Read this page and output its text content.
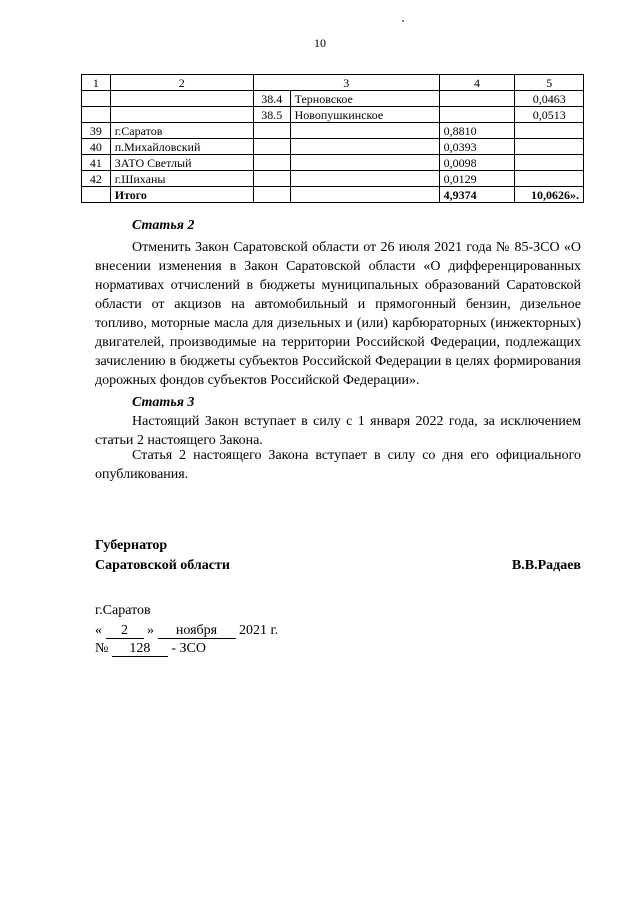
10
1	2	3		4	5
		38.4	Терновское		0,0463
		38.5	Новопушкинское		0,0513
39	г.Саратов			0,8810	
40	п.Михайловский			0,0393	
41	ЗАТО Светлый			0,0098	
42	г.Шиханы			0,0129	
	Итого			4,9374	10,0626».
Статья 2

Отменить Закон Саратовской области от 26 июля 2021 года № 85-ЗСО «О внесении изменения в Закон Саратовской области «О дифференцированных нормативах отчислений в бюджеты муниципальных образований Саратовской области от акцизов на автомобильный и прямогонный бензин, дизельное топливо, моторные масла для дизельных и (или) карбюраторных (инжекторных) двигателей, производимые на территории Российской Федерации, подлежащих зачислению в бюджеты субъектов Российской Федерации в целях формирования дорожных фондов субъектов Российской Федерации».

Статья 3

Настоящий Закон вступает в силу с 1 января 2022 года, за исключением статьи 2 настоящего Закона.

Статья 2 настоящего Закона вступает в силу со дня его официального опубликования.

Губернатор
Саратовской области	В.В.Радаев
г.Саратов
« 2 » ноября 2021 г.
№ 128 - ЗСО
